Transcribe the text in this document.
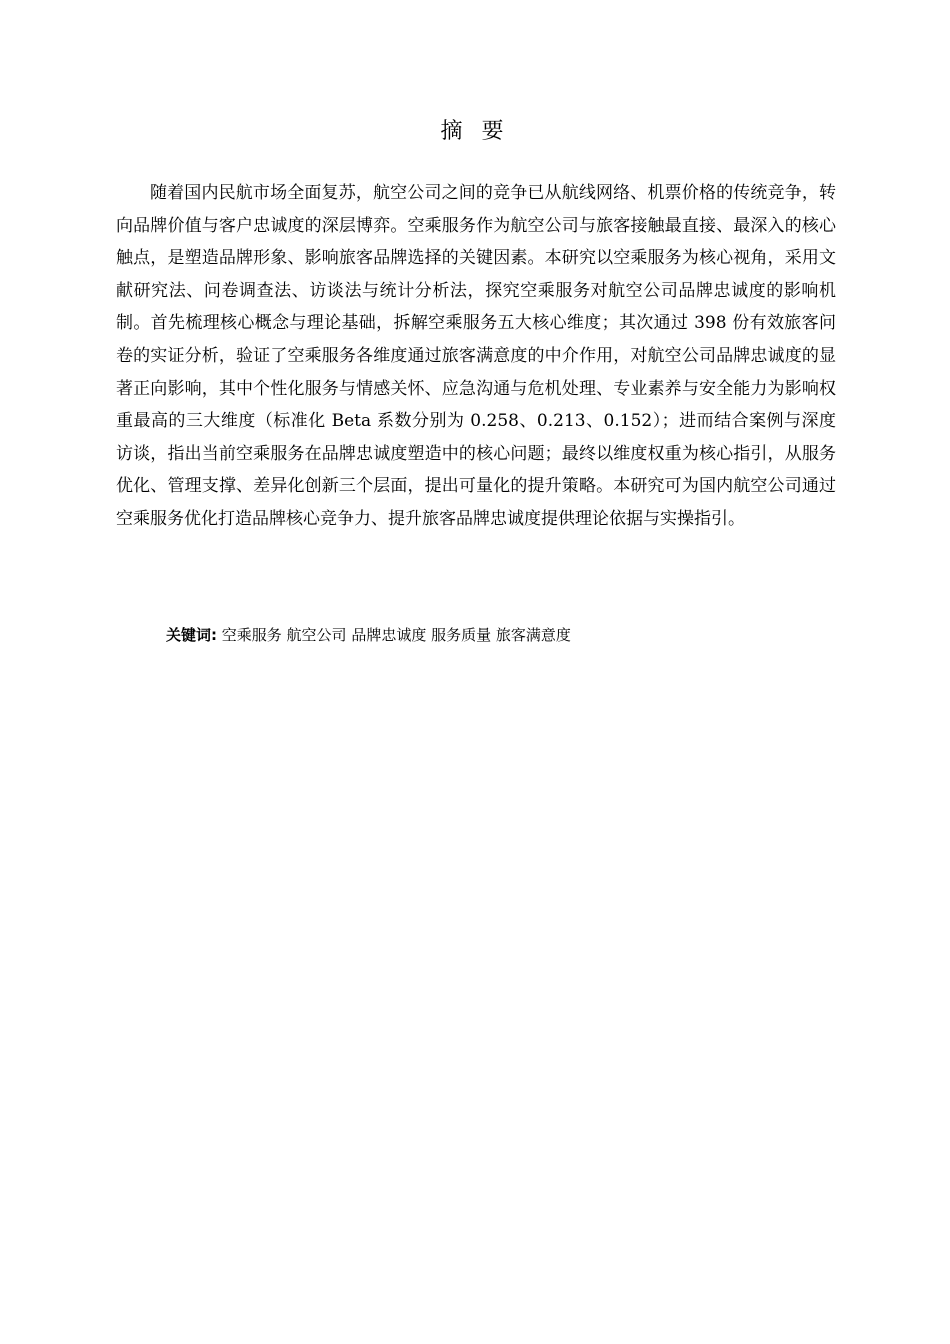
摘 要

随着国内民航市场全面复苏，航空公司之间的竞争已从航线网络、机票价格的传统竞争，转向品牌价值与客户忠诚度的深层博弈。空乘服务作为航空公司与旅客接触最直接、最深入的核心触点，是塑造品牌形象、影响旅客品牌选择的关键因素。本研究以空乘服务为核心视角，采用文献研究法、问卷调查法、访谈法与统计分析法，探究空乘服务对航空公司品牌忠诚度的影响机制。首先梳理核心概念与理论基础，拆解空乘服务五大核心维度；其次通过 398 份有效旅客问卷的实证分析，验证了空乘服务各维度通过旅客满意度的中介作用，对航空公司品牌忠诚度的显著正向影响，其中个性化服务与情感关怀、应急沟通与危机处理、专业素养与安全能力为影响权重最高的三大维度（标准化 Beta 系数分别为 0.258、0.213、0.152）；进而结合案例与深度访谈，指出当前空乘服务在品牌忠诚度塑造中的核心问题；最终以维度权重为核心指引，从服务优化、管理支撑、差异化创新三个层面，提出可量化的提升策略。本研究可为国内航空公司通过空乘服务优化打造品牌核心竞争力、提升旅客品牌忠诚度提供理论依据与实操指引。

关键词: 空乘服务 航空公司 品牌忠诚度 服务质量 旅客满意度
